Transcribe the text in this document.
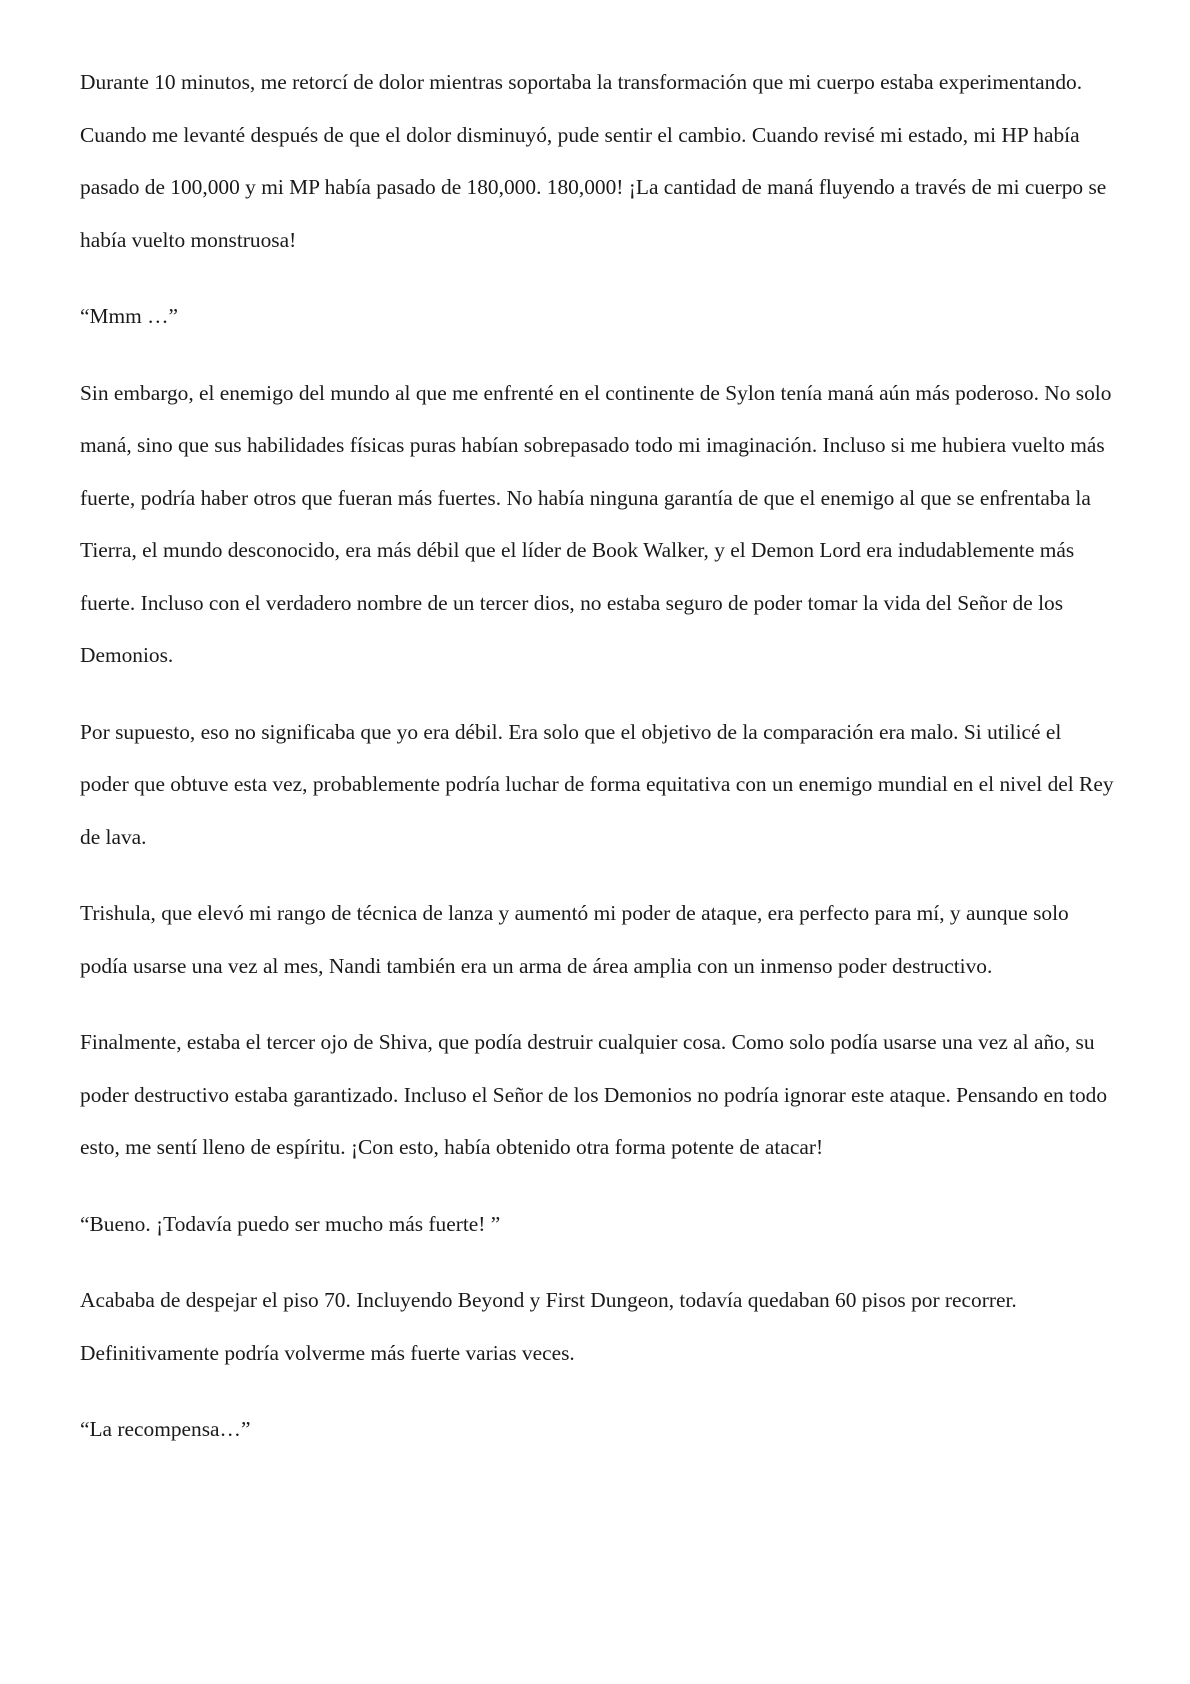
Durante 10 minutos, me retorcí de dolor mientras soportaba la transformación que mi cuerpo estaba experimentando. Cuando me levanté después de que el dolor disminuyó, pude sentir el cambio. Cuando revisé mi estado, mi HP había pasado de 100,000 y mi MP había pasado de 180,000. 180,000! ¡La cantidad de maná fluyendo a través de mi cuerpo se había vuelto monstruosa!

“Mmm …”

Sin embargo, el enemigo del mundo al que me enfrenté en el continente de Sylon tenía maná aún más poderoso. No solo maná, sino que sus habilidades físicas puras habían sobrepasado todo mi imaginación. Incluso si me hubiera vuelto más fuerte, podría haber otros que fueran más fuertes. No había ninguna garantía de que el enemigo al que se enfrentaba la Tierra, el mundo desconocido, era más débil que el líder de Book Walker, y el Demon Lord era indudablemente más fuerte. Incluso con el verdadero nombre de un tercer dios, no estaba seguro de poder tomar la vida del Señor de los Demonios.

Por supuesto, eso no significaba que yo era débil. Era solo que el objetivo de la comparación era malo. Si utilicé el poder que obtuve esta vez, probablemente podría luchar de forma equitativa con un enemigo mundial en el nivel del Rey de lava.

Trishula, que elevó mi rango de técnica de lanza y aumentó mi poder de ataque, era perfecto para mí, y aunque solo podía usarse una vez al mes, Nandi también era un arma de área amplia con un inmenso poder destructivo.

Finalmente, estaba el tercer ojo de Shiva, que podía destruir cualquier cosa. Como solo podía usarse una vez al año, su poder destructivo estaba garantizado. Incluso el Señor de los Demonios no podría ignorar este ataque. Pensando en todo esto, me sentí lleno de espíritu. ¡Con esto, había obtenido otra forma potente de atacar!

“Bueno. ¡Todavía puedo ser mucho más fuerte! ”

Acababa de despejar el piso 70. Incluyendo Beyond y First Dungeon, todavía quedaban 60 pisos por recorrer. Definitivamente podría volverme más fuerte varias veces.

“La recompensa…”
